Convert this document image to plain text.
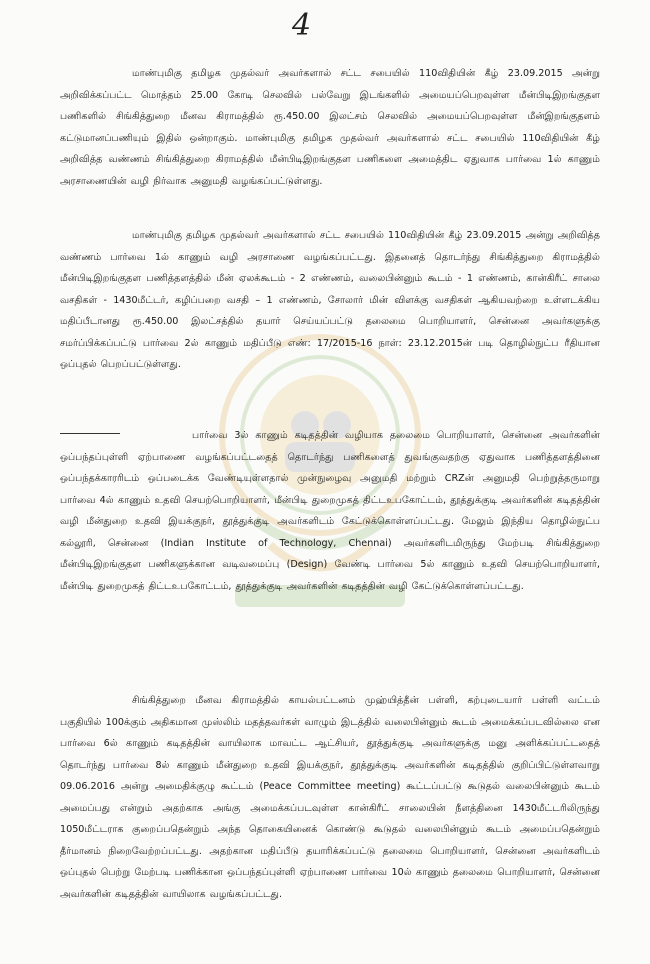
4

மாண்புமிகு தமிழக முதல்வர் அவர்களால் சட்ட சபையில் 110விதியின் கீழ் 23.09.2015 அன்று அறிவிக்கப்பட்ட மொத்தம் 25.00 கோடி செலவில் பல்வேறு இடங்களில் அமையப்பெறவுள்ள மீன்பிடிஇறங்குதள பணிகளில் சிங்கித்துறை மீனவ கிராமத்தில் ரூ.450.00 இலட்சம் செலவில் அமையப்பெறவுள்ள மீன்இறங்குதளம் கட்டுமானப்பணியும் இதில் ஒன்றாகும். மாண்புமிகு தமிழக முதல்வர் அவர்களால் சட்ட சபையில் 110விதியின் கீழ் அறிவித்த வண்ணம் சிங்கித்துறை கிராமத்தில் மீன்பிடிஇறங்குதள பணிகளை அமைத்திட ஏதுவாக பார்வை 1ல் காணும் அரசாணையின் வழி நிர்வாக அனுமதி வழங்கப்பட்டுள்ளது.

மாண்புமிகு தமிழக முதல்வர் அவர்களால் சட்ட சபையில் 110விதியின் கீழ் 23.09.2015 அன்று அறிவித்த வண்ணம் பார்வை 1ல் காணும் வழி அரசாணை வழங்கப்பட்டது. இதனைத் தொடர்ந்து சிங்கித்துறை கிராமத்தில் மீன்பிடிஇறங்குதள பணித்தளத்தில் மீன் ஏலக்கூடம் - 2 எண்ணம், வலைபின்னும் கூடம் - 1 எண்ணம், கான்கிரீட் சாலை வசதிகள் - 1430மீட்டர், கழிப்பறை வசதி – 1 எண்ணம், சோலார் மின் விளக்கு வசதிகள் ஆகியவற்றை உள்ளடக்கிய மதிப்பீடானது ரூ.450.00 இலட்சத்தில் தயார் செய்யப்பட்டு தலைமை பொறியாளர், சென்னை அவர்களுக்கு சமர்ப்பிக்கப்பட்டு பார்வை 2ல் காணும் மதிப்பீடு எண்: 17/2015-16 நாள்: 23.12.2015ன் படி தொழில்நுட்ப ரீதியான ஒப்புதல் பெறப்பட்டுள்ளது.

பார்வை 3ல் காணும் கடிதத்தின் வழியாக தலைமை பொறியாளர், சென்னை அவர்களின் ஒப்பந்தப்புள்ளி ஏற்பாணை வழங்கப்பட்டதைத் தொடர்ந்து பணிகளைத் துவங்குவதற்கு ஏதுவாக பணித்தளத்தினை ஒப்பந்தக்காரரிடம் ஒப்படைக்க வேண்டியுள்ளதால் முன்நுழைவு அனுமதி மற்றும் CRZன் அனுமதி பெற்றுத்தருமாறு பார்வை 4ல் காணும் உதவி செயற்பொறியாளர், மீன்பிடி துறைமுகத் திட்டஉபகோட்டம், தூத்துக்குடி அவர்களின் கடிதத்தின் வழி மீன்துறை உதவி இயக்குநர், தூத்துக்குடி அவர்களிடம் கேட்டுக்கொள்ளப்பட்டது. மேலும் இந்திய தொழில்நுட்ப கல்லூரி, சென்னை (Indian Institute of Technology, Chennai) அவர்களிடமிருந்து மேற்படி சிங்கித்துறை மீன்பிடிஇறங்குதள பணிகளுக்கான வடிவமைப்பு (Design) வேண்டி பார்வை 5ல் காணும் உதவி செயற்பொறியாளர், மீன்பிடி துறைமுகத் திட்டஉபகோட்டம், தூத்துக்குடி அவர்களின் கடிதத்தின் வழி கேட்டுக்கொள்ளப்பட்டது.

சிங்கித்துறை மீனவ கிராமத்தில் காயல்பட்டனம் முஹ்யித்தீன் பள்ளி, கற்புடையார் பள்ளி வட்டம் பகுதியில் 100க்கும் அதிகமான முஸ்லிம் மதத்தவர்கள் வாழும் இடத்தில் வலைபின்னும் கூடம் அமைக்கப்படவில்லை என பார்வை 6ல் காணும் கடிதத்தின் வாயிலாக மாவட்ட ஆட்சியர், தூத்துக்குடி அவர்களுக்கு மனு அளிக்கப்பட்டதைத் தொடர்ந்து பார்வை 8ல் காணும் மீன்துறை உதவி இயக்குநர், தூத்துக்குடி அவர்களின் கடிதத்தில் குறிப்பிட்டுள்ளவாறு 09.06.2016 அன்று அமைதிக்குழு கூட்டம் (Peace Committee meeting) கூட்டப்பட்டு கூடுதல் வலைபின்னும் கூடம் அமைப்பது என்றும் அதற்காக அங்கு அமைக்கப்படவுள்ள கான்கிரீட் சாலையின் நீளத்தினை 1430மீட்டரிலிருந்து 1050மீட்டராக குறைப்பதென்றும் அந்த தொகையினைக் கொண்டு கூடுதல் வலைபின்னும் கூடம் அமைப்பதென்றும் தீர்மானம் நிறைவேற்றப்பட்டது. அதற்கான மதிப்பீடு தயாரிக்கப்பட்டு தலைமை பொறியாளர், சென்னை அவர்களிடம் ஒப்புதல் பெற்று மேற்படி பணிக்கான ஒப்பந்தப்புள்ளி ஏற்பாணை பார்வை 10ல் காணும் தலைமை பொறியாளர், சென்னை அவர்களின் கடிதத்தின் வாயிலாக வழங்கப்பட்டது.
